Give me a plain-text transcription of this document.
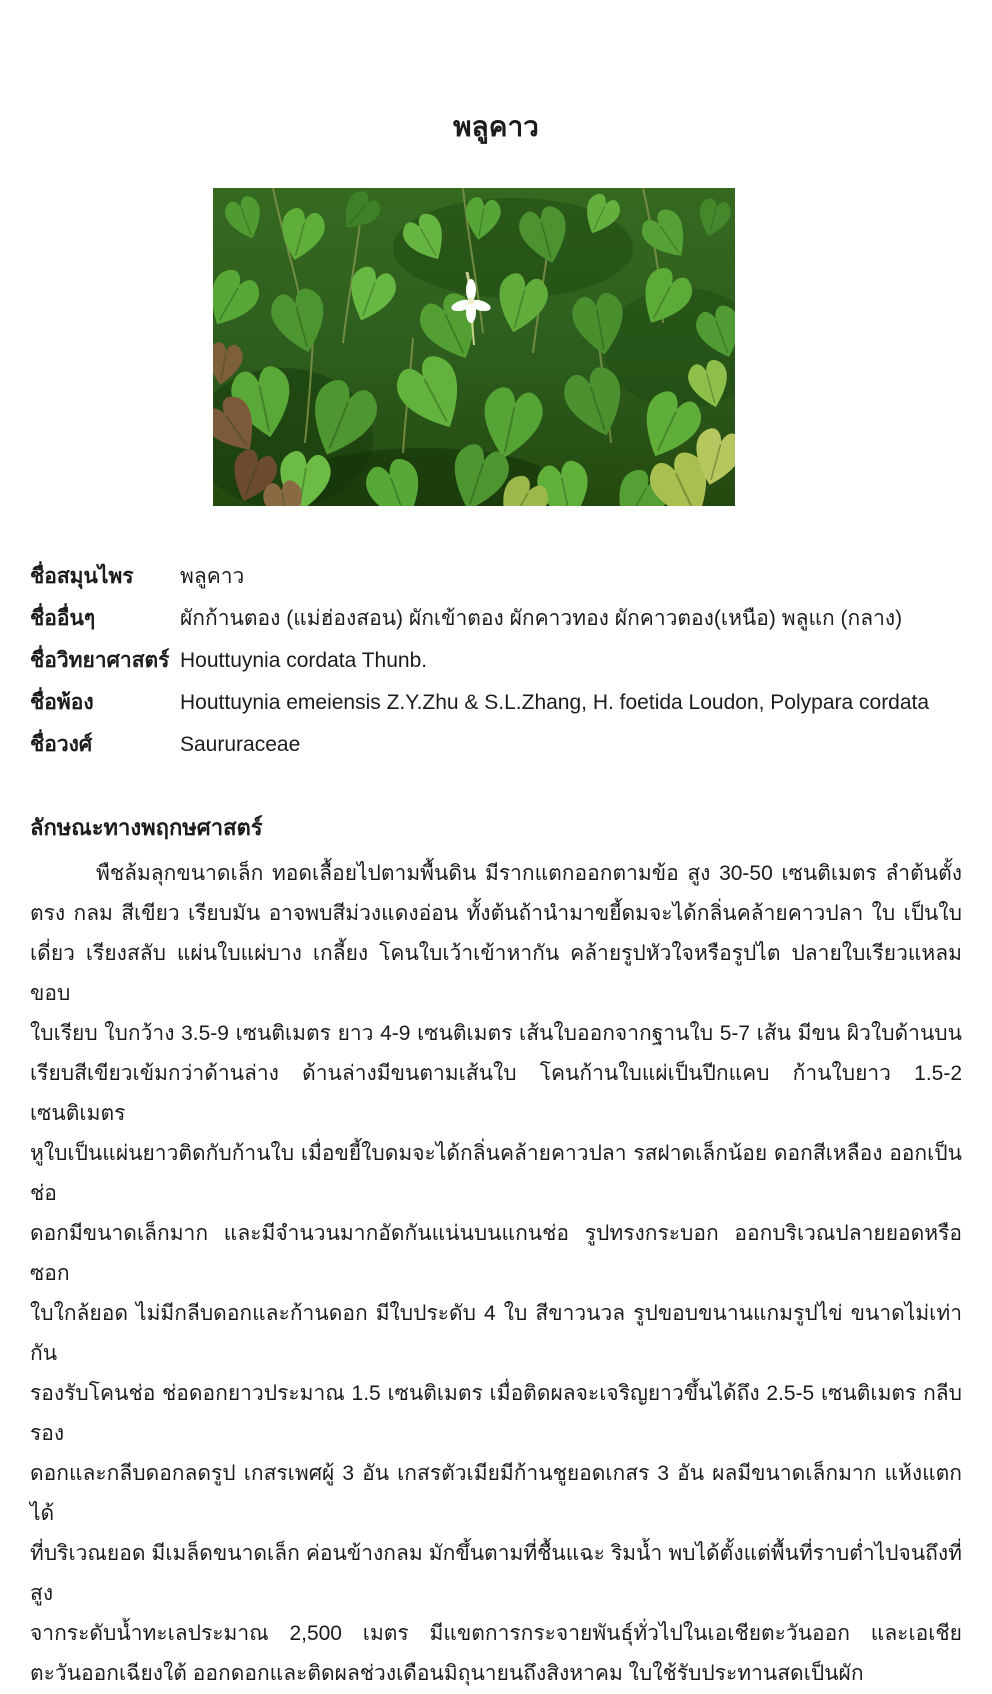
พลูคาว
ชื่อสมุนไพร พลูคาว
ชื่ออื่นๆ	ผักก้านตอง (แม่ฮ่องสอน) ผักเข้าตอง ผักคาวทอง ผักคาวตอง(เหนือ) พลูแก (กลาง)
ชื่อวิทยาศาสตร์ Houttuynia cordata Thunb.
ชื่อพ้อง	Houttuynia emeiensis Z.Y.Zhu & S.L.Zhang, H. foetida Loudon, Polypara cordata
ชื่อวงศ์	Saururaceae
ลักษณะทางพฤกษศาสตร์
พืชล้มลุกขนาดเล็ก ทอดเลื้อยไปตามพื้นดิน มีรากแตกออกตามข้อ สูง 30-50 เซนติเมตร ลำต้นตั้ง
ตรง กลม สีเขียว เรียบมัน อาจพบสีม่วงแดงอ่อน ทั้งต้นถ้านำมาขยี้ดมจะได้กลิ่นคล้ายคาวปลา ใบ เป็นใบ
เดี่ยว เรียงสลับ แผ่นใบแผ่บาง เกลี้ยง โคนใบเว้าเข้าหากัน คล้ายรูปหัวใจหรือรูปไต ปลายใบเรียวแหลม ขอบ
ใบเรียบ ใบกว้าง 3.5-9 เซนติเมตร ยาว 4-9 เซนติเมตร เส้นใบออกจากฐานใบ 5-7 เส้น มีขน ผิวใบด้านบน
เรียบสีเขียวเข้มกว่าด้านล่าง ด้านล่างมีขนตามเส้นใบ โคนก้านใบแผ่เป็นปีกแคบ ก้านใบยาว 1.5-2 เซนติเมตร
หูใบเป็นแผ่นยาวติดกับก้านใบ เมื่อขยี้ใบดมจะได้กลิ่นคล้ายคาวปลา รสฝาดเล็กน้อย ดอกสีเหลือง ออกเป็นช่อ
ดอกมีขนาดเล็กมาก และมีจำนวนมากอัดกันแน่นบนแกนช่อ รูปทรงกระบอก ออกบริเวณปลายยอดหรือซอก
ใบใกล้ยอด ไม่มีกลีบดอกและก้านดอก มีใบประดับ 4 ใบ สีขาวนวล รูปขอบขนานแกมรูปไข่ ขนาดไม่เท่ากัน
รองรับโคนช่อ ช่อดอกยาวประมาณ 1.5 เซนติเมตร เมื่อติดผลจะเจริญยาวขึ้นได้ถึง 2.5-5 เซนติเมตร กลีบรอง
ดอกและกลีบดอกลดรูป เกสรเพศผู้ 3 อัน เกสรตัวเมียมีก้านชูยอดเกสร 3 อัน ผลมีขนาดเล็กมาก แห้งแตกได้
ที่บริเวณยอด มีเมล็ดขนาดเล็ก ค่อนข้างกลม มักขึ้นตามที่ชื้นแฉะ ริมน้ำ พบได้ตั้งแต่พื้นที่ราบต่ำไปจนถึงที่สูง
จากระดับน้ำทะเลประมาณ 2,500 เมตร มีแขตการกระจายพันธุ์ทั่วไปในเอเชียตะวันออก และเอเชีย
ตะวันออกเฉียงใต้ ออกดอกและติดผลช่วงเดือนมิถุนายนถึงสิงหาคม ใบใช้รับประทานสดเป็นผัก
